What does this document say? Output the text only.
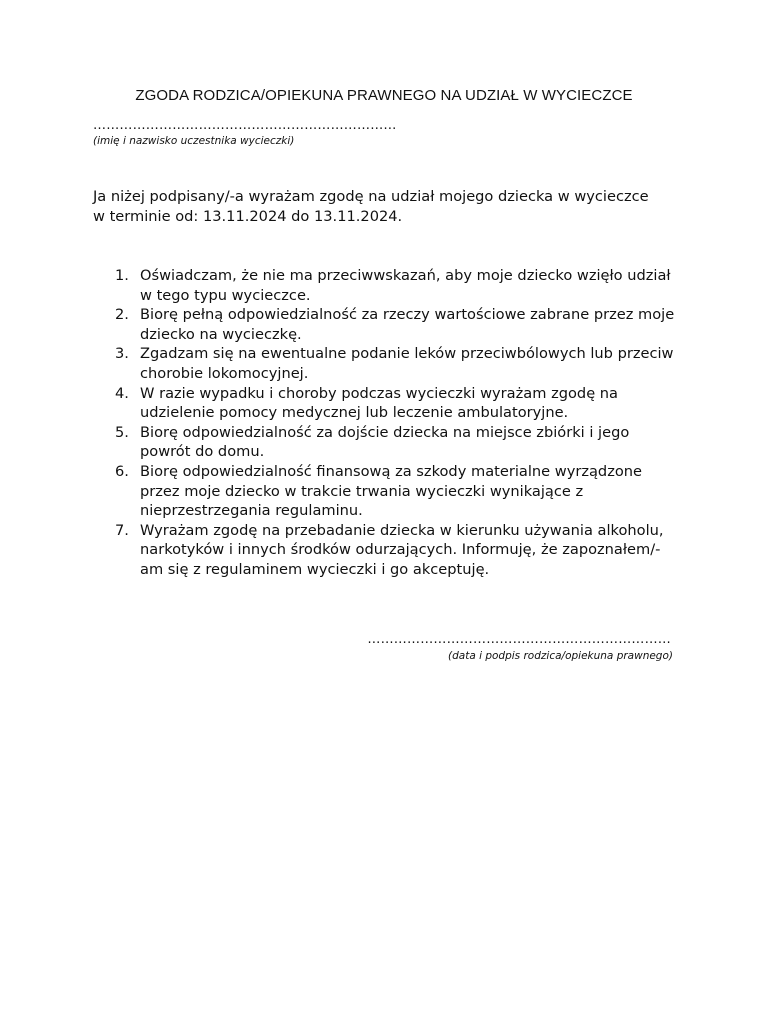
ZGODA RODZICA/OPIEKUNA PRAWNEGO NA UDZIAŁ W WYCIECZCE
……………………………………………………………
(imię i nazwisko uczestnika wycieczki)
Ja niżej podpisany/-a wyrażam zgodę na udział mojego dziecka w wycieczce w terminie od: 13.11.2024 do 13.11.2024.
1. Oświadczam, że nie ma przeciwwskazań, aby moje dziecko wzięło udział w tego typu wycieczce.
2. Biorę pełną odpowiedzialność za rzeczy wartościowe zabrane przez moje dziecko na wycieczkę.
3. Zgadzam się na ewentualne podanie leków przeciwbólowych lub przeciw chorobie lokomocyjnej.
4. W razie wypadku i choroby podczas wycieczki wyrażam zgodę na udzielenie pomocy medycznej lub leczenie ambulatoryjne.
5. Biorę odpowiedzialność za dojście dziecka na miejsce zbiórki i jego powrót do domu.
6. Biorę odpowiedzialność finansową za szkody materialne wyrządzone przez moje dziecko w trakcie trwania wycieczki wynikające z nieprzestrzegania regulaminu.
7. Wyrażam zgodę na przebadanie dziecka w kierunku używania alkoholu, narkotyków i innych środków odurzających. Informuję, że zapoznałem/-am się z regulaminem wycieczki i go akceptuję.
……………………………………………………………
(data i podpis rodzica/opiekuna prawnego)
